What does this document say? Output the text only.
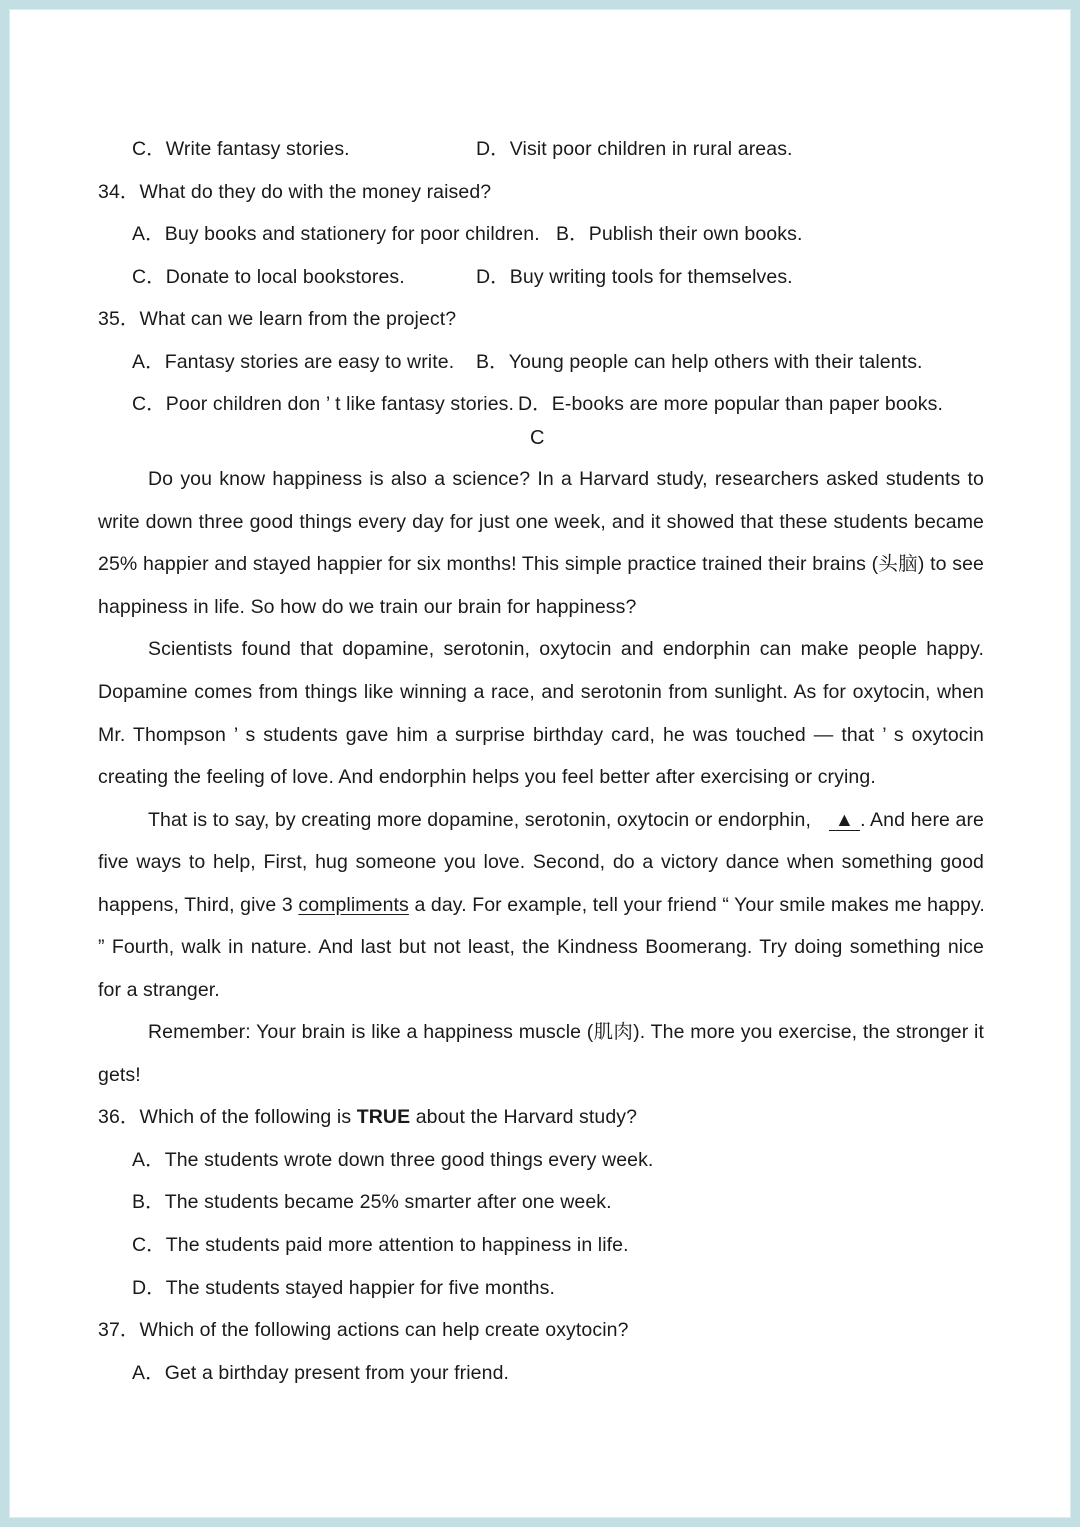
C．Write fantasy stories.	D．Visit poor children in rural areas.
34．What do they do with the money raised?
A．Buy books and stationery for poor children. B．Publish their own books.
C．Donate to local bookstores.	D．Buy writing tools for themselves.
35．What can we learn from the project?
A．Fantasy stories are easy to write. B．Young people can help others with their talents.
C．Poor children don ’ t like fantasy stories. D．E-books are more popular than paper books.
C
Do you know happiness is also a science? In a Harvard study, researchers asked students to
write down three good things every day for just one week, and it showed that these students became
25% happier and stayed happier for six months! This simple practice trained their brains (头脑) to see
happiness in life. So how do we train our brain for happiness?
Scientists found that dopamine, serotonin, oxytocin and endorphin can make people happy.
Dopamine comes from things like winning a race, and serotonin from sunlight. As for oxytocin, when
Mr. Thompson ’ s students gave him a surprise birthday card, he was touched — that ’ s oxytocin
creating the feeling of love. And endorphin helps you feel better after exercising or crying.
That is to say, by creating more dopamine, serotonin, oxytocin or endorphin,	▲ . And here are
five ways to help, First, hug someone you love. Second, do a victory dance when something good
happens, Third, give 3 compliments a day. For example, tell your friend “ Your smile makes me happy.
” Fourth, walk in nature. And last but not least, the Kindness Boomerang. Try doing something nice
for a stranger.
Remember: Your brain is like a happiness muscle (肌肉). The more you exercise, the stronger it
gets!
36．Which of the following is TRUE about the Harvard study?
A．The students wrote down three good things every week.
B．The students became 25% smarter after one week.
C．The students paid more attention to happiness in life.
D．The students stayed happier for five months.
37．Which of the following actions can help create oxytocin?
A．Get a birthday present from your friend.
